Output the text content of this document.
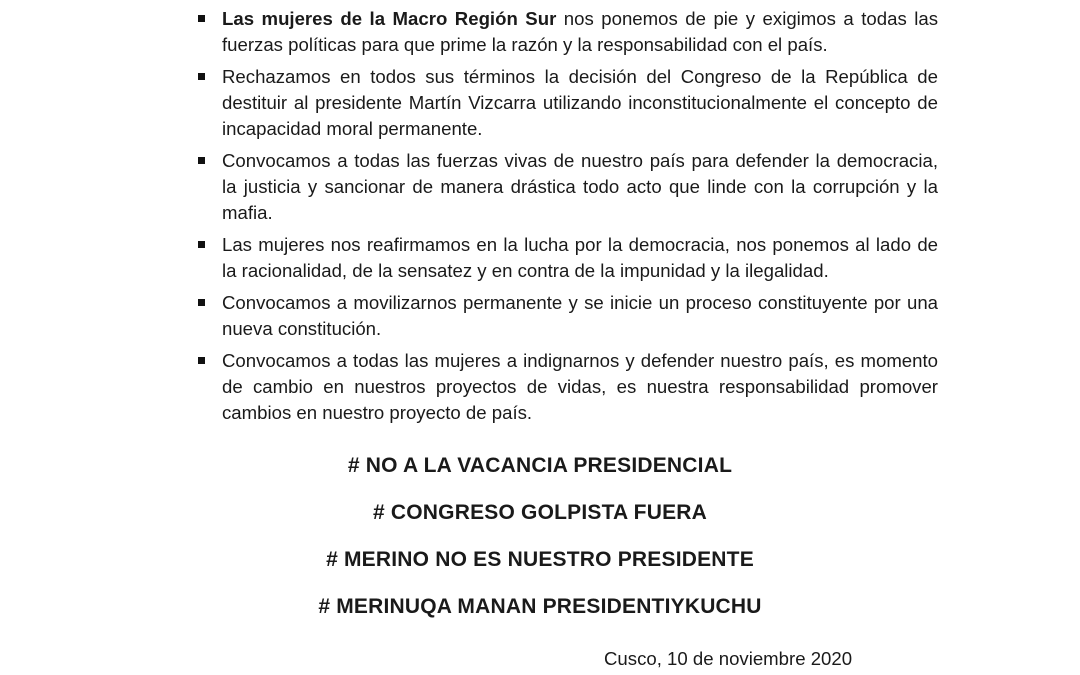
Las mujeres de la Macro Región Sur nos ponemos de pie y exigimos a todas las fuerzas políticas para que prime la razón y la responsabilidad con el país.
Rechazamos en todos sus términos la decisión del Congreso de la República de destituir al presidente Martín Vizcarra utilizando inconstitucionalmente el concepto de incapacidad moral permanente.
Convocamos a todas las fuerzas vivas de nuestro país para defender la democracia, la justicia y sancionar de manera drástica todo acto que linde con la corrupción y la mafia.
Las mujeres nos reafirmamos en la lucha por la democracia, nos ponemos al lado de la racionalidad, de la sensatez y en contra de la impunidad y la ilegalidad.
Convocamos a movilizarnos permanente y se inicie un proceso constituyente por una nueva constitución.
Convocamos a todas las mujeres a indignarnos y defender nuestro país, es momento de cambio en nuestros proyectos de vidas, es nuestra responsabilidad promover cambios en nuestro proyecto de país.
# NO A LA VACANCIA PRESIDENCIAL
# CONGRESO GOLPISTA FUERA
# MERINO NO ES NUESTRO PRESIDENTE
# MERINUQA MANAN PRESIDENTIYKUCHU
Cusco, 10 de noviembre 2020
